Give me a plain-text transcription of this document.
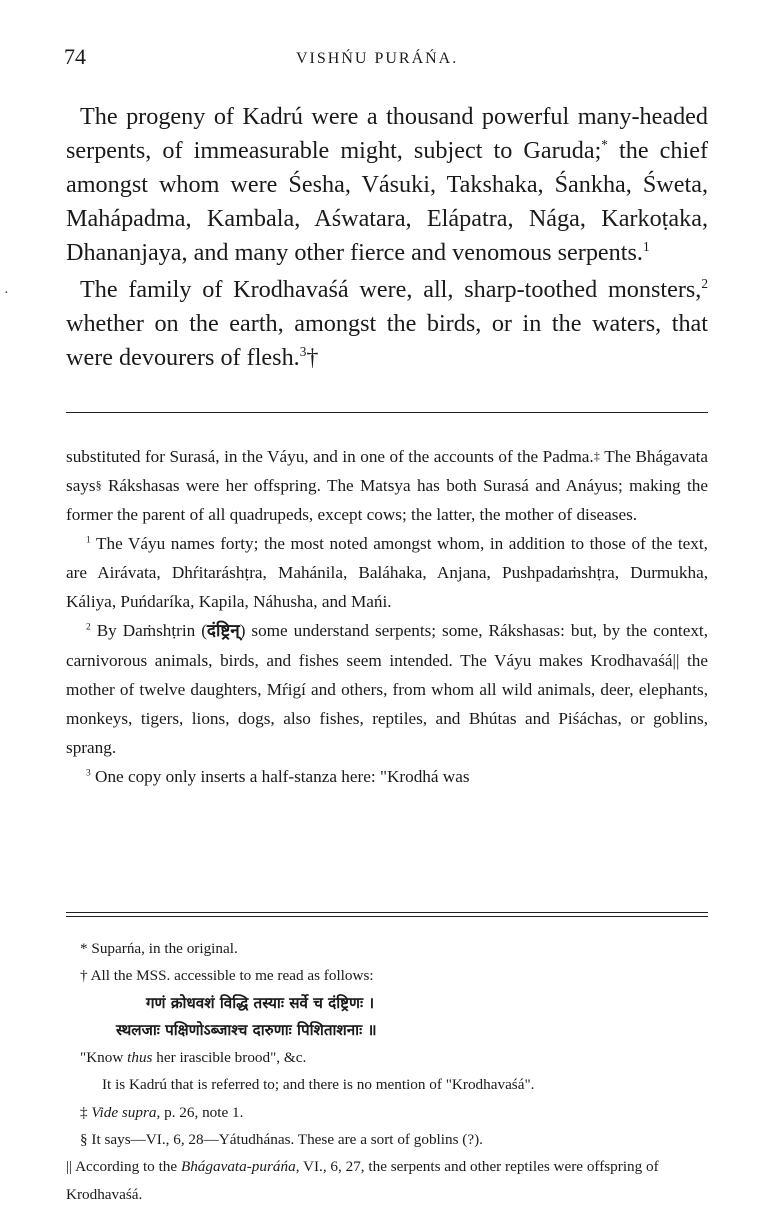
·
74	VISHŃU PURÁŃA.

The progeny of Kadrú were a thousand powerful many-headed serpents, of immeasurable might, subject to Garuda;* the chief amongst whom were Śesha, Vásuki, Takshaka, Śankha, Śweta, Mahápadma, Kambala, Aśwatara, Elápatra, Nága, Karkoṭaka, Dhananjaya, and many other fierce and venomous serpents.$^1$

The family of Krodhavaśá were, all, sharp-toothed monsters,$^2$ whether on the earth, amongst the birds, or in the waters, that were devourers of flesh.$^3$†

substituted for Surasá, in the Váyu, and in one of the accounts of the Padma.‡ The Bhágavata says§ Rákshasas were her offspring. The Matsya has both Surasá and Anáyus; making the former the parent of all quadrupeds, except cows; the latter, the mother of diseases.

$^1$ The Váyu names forty; the most noted amongst whom, in addition to those of the text, are Airávata, Dhŕitaráshṭra, Mahánila, Baláhaka, Anjana, Pushpadaṁshṭra, Durmukha, Káliya, Puńdaríka, Kapila, Náhusha, and Mańi.

$^2$ By Daṁshṭrin (दंष्ट्रिन्) some understand serpents; some, Rákshasas: but, by the context, carnivorous animals, birds, and fishes seem intended. The Váyu makes Krodhavaśá|| the mother of twelve daughters, Mŕigí and others, from whom all wild animals, deer, elephants, monkeys, tigers, lions, dogs, also fishes, reptiles, and Bhútas and Piśáchas, or goblins, sprang.

$^3$ One copy only inserts a half-stanza here: "Krodhá was

* Suparńa, in the original.

† All the MSS. accessible to me read as follows:

गणं क्रोधवशं विद्धि तस्याः सर्वे च दंष्ट्रिणः ।

स्थलजाः पक्षिणोऽब्जाश्च दारुणाः पिशिताशनाः ॥

"Know thus her irascible brood", &c.

It is Kadrú that is referred to; and there is no mention of "Krodhavaśá".

‡ Vide supra, p. 26, note 1.

§ It says—VI., 6, 28—Yátudhánas. These are a sort of goblins (?).

|| According to the Bhágavata-puráńa, VI., 6, 27, the serpents and other reptiles were offspring of Krodhavaśá.
